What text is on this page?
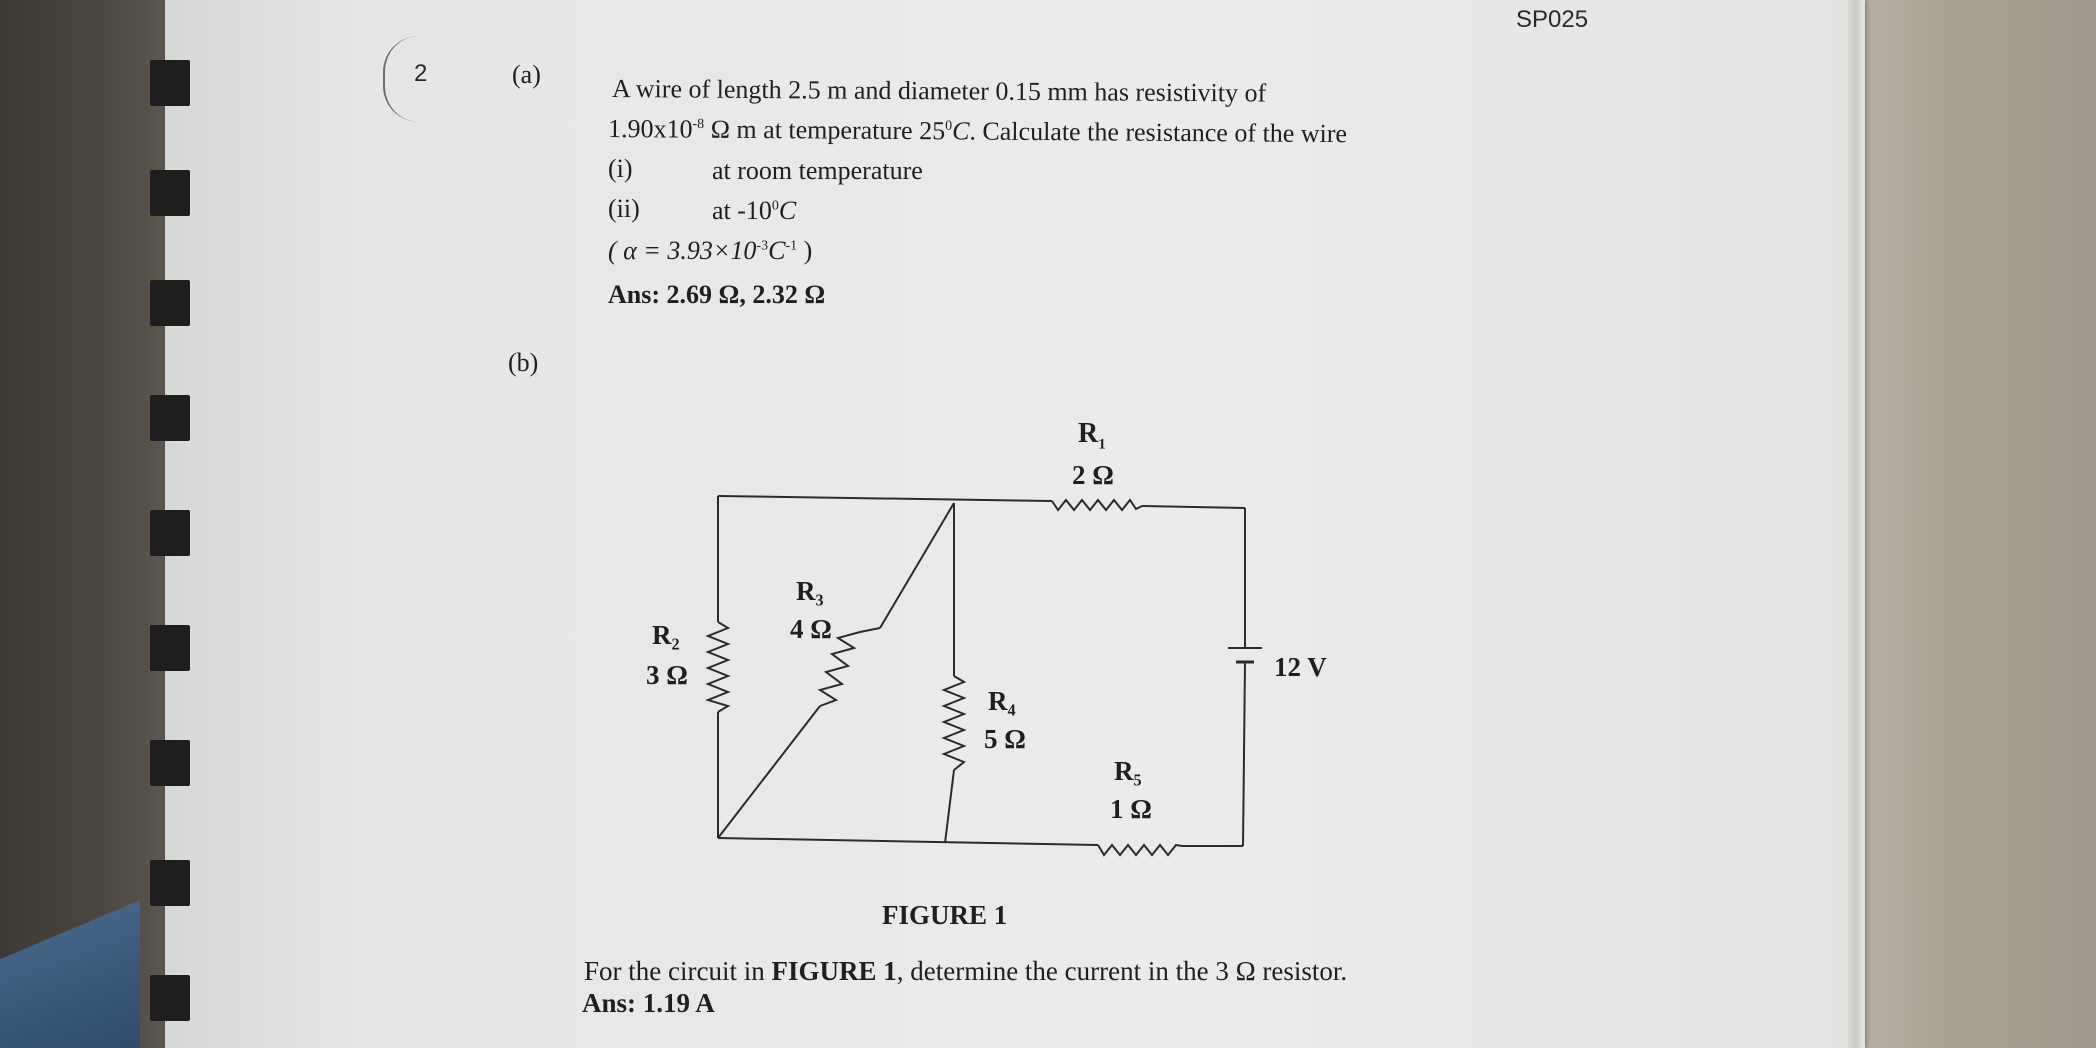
SP025
2	(a)	A wire of length 2.5 m and diameter 0.15 mm has resistivity of
$1.90x10^{-8}$ Ω m at temperature $25^0C$. Calculate the resistance of the wire
(i)	at room temperature
(ii)	at $-10^0C$
( $\alpha = 3.93\times 10^{-3}C^{-1}$ )
Ans: 2.69 Ω, 2.32 Ω
(b)
$R_1$
2 Ω
R₂
3 Ω
R₃
4 Ω
R₄
5 Ω
R₅
1 Ω
12 V
FIGURE 1
For the circuit in FIGURE 1, determine the current in the 3 Ω resistor.
Ans: 1.19 A
